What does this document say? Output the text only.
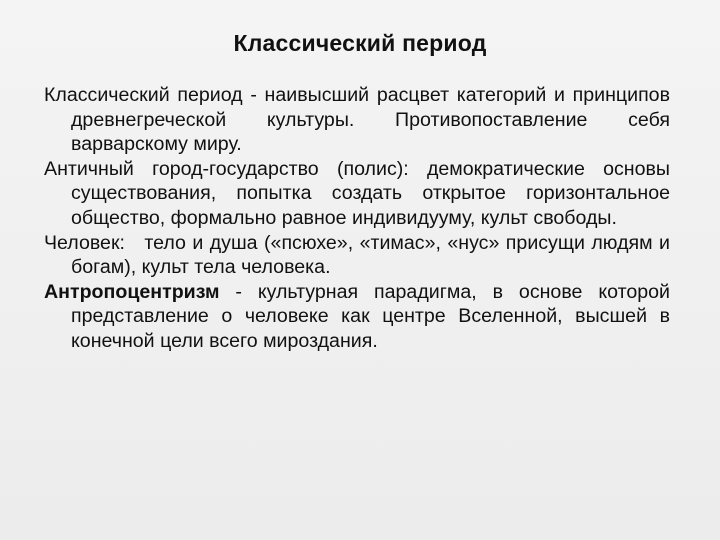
Классический период

Классический период - наивысший расцвет категорий и принципов древнегреческой культуры. Противопоставление себя варварскому миру.

Античный город-государство (полис): демократические основы существования, попытка создать открытое горизонтальное общество, формально равное индивидууму, культ свободы.

Человек:   тело и душа («псюхе», «тимас», «нус» присущи людям и богам), культ тела человека.

Антропоцентризм - культурная парадигма, в основе которой представление о человеке как центре Вселенной, высшей в конечной цели всего мироздания.
